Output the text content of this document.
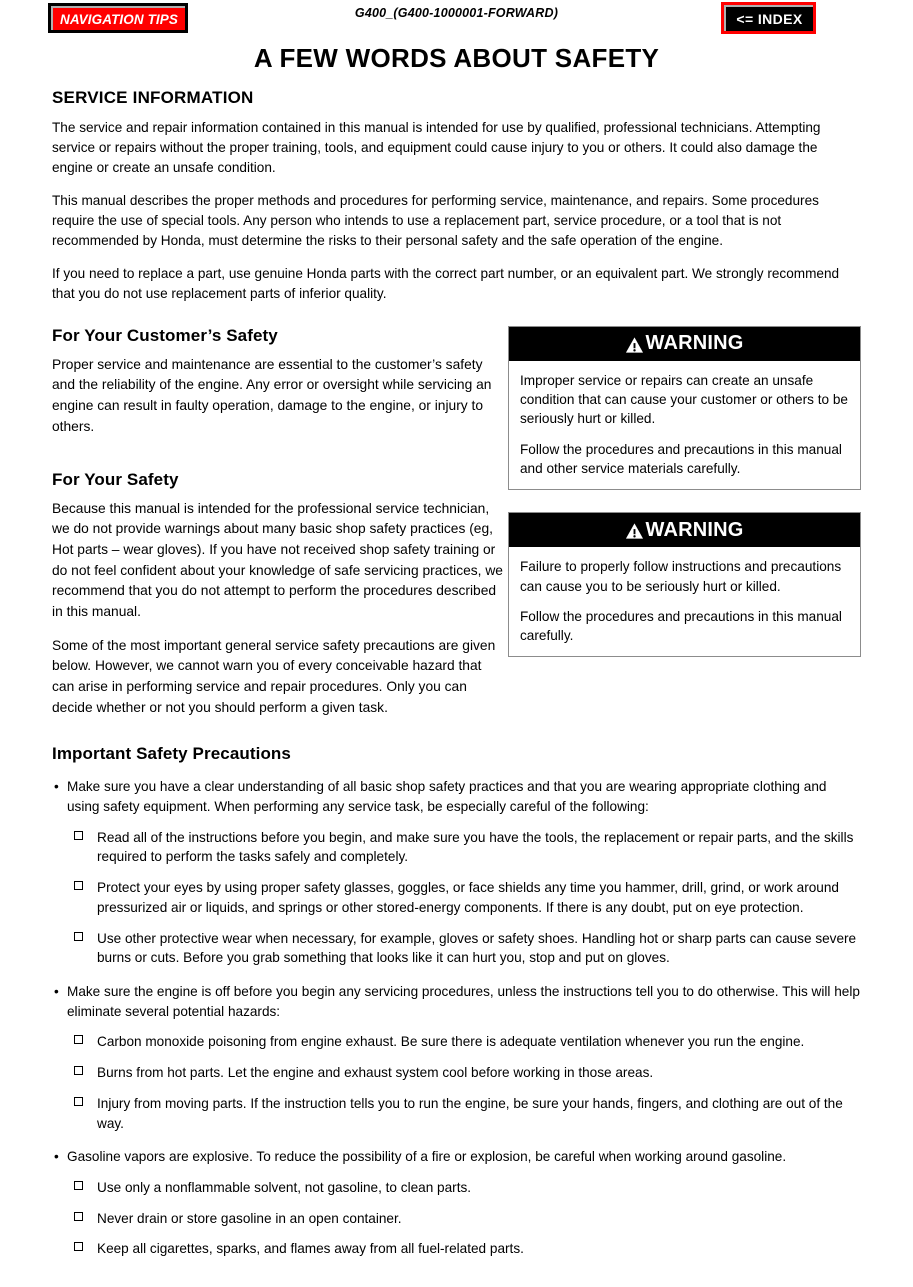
NAVIGATION TIPS	G400_(G400-1000001-FORWARD)	<= INDEX
A FEW WORDS ABOUT SAFETY
SERVICE INFORMATION

The service and repair information contained in this manual is intended for use by qualified, professional technicians. Attempting service or repairs without the proper training, tools, and equipment could cause injury to you or others. It could also damage the engine or create an unsafe condition.

This manual describes the proper methods and procedures for performing service, maintenance, and repairs. Some procedures require the use of special tools. Any person who intends to use a replacement part, service procedure, or a tool that is not recommended by Honda, must determine the risks to their personal safety and the safe operation of the engine.

If you need to replace a part, use genuine Honda parts with the correct part number, or an equivalent part. We strongly recommend that you do not use replacement parts of inferior quality.

For Your Customer’s Safety

Proper service and maintenance are essential to the customer’s safety and the reliability of the engine. Any error or oversight while servicing an engine can result in faulty operation, damage to the engine, or injury to others.

For Your Safety

Because this manual is intended for the professional service technician, we do not provide warnings about many basic shop safety practices (eg, Hot parts – wear gloves). If you have not received shop safety training or do not feel confident about your knowledge of safe servicing practices, we recommend that you do not attempt to perform the procedures described in this manual.

Some of the most important general service safety precautions are given below. However, we cannot warn you of every conceivable hazard that can arise in performing service and repair procedures. Only you can decide whether or not you should perform a given task.

WARNING

Improper service or repairs can create an unsafe condition that can cause your customer or others to be seriously hurt or killed.

Follow the procedures and precautions in this manual and other service materials carefully.

WARNING

Failure to properly follow instructions and precautions can cause you to be seriously hurt or killed.

Follow the procedures and precautions in this manual carefully.

Important Safety Precautions
• Make sure you have a clear understanding of all basic shop safety practices and that you are wearing appropriate clothing and using safety equipment. When performing any service task, be especially careful of the following:
Read all of the instructions before you begin, and make sure you have the tools, the replacement or repair parts, and the skills required to perform the tasks safely and completely.
Protect your eyes by using proper safety glasses, goggles, or face shields any time you hammer, drill, grind, or work around pressurized air or liquids, and springs or other stored-energy components. If there is any doubt, put on eye protection.
Use other protective wear when necessary, for example, gloves or safety shoes. Handling hot or sharp parts can cause severe burns or cuts. Before you grab something that looks like it can hurt you, stop and put on gloves.
• Make sure the engine is off before you begin any servicing procedures, unless the instructions tell you to do otherwise. This will help eliminate several potential hazards:
Carbon monoxide poisoning from engine exhaust. Be sure there is adequate ventilation whenever you run the engine.
Burns from hot parts. Let the engine and exhaust system cool before working in those areas.
Injury from moving parts. If the instruction tells you to run the engine, be sure your hands, fingers, and clothing are out of the way.
• Gasoline vapors are explosive. To reduce the possibility of a fire or explosion, be careful when working around gasoline.
Use only a nonflammable solvent, not gasoline, to clean parts.
Never drain or store gasoline in an open container.
Keep all cigarettes, sparks, and flames away from all fuel-related parts.
